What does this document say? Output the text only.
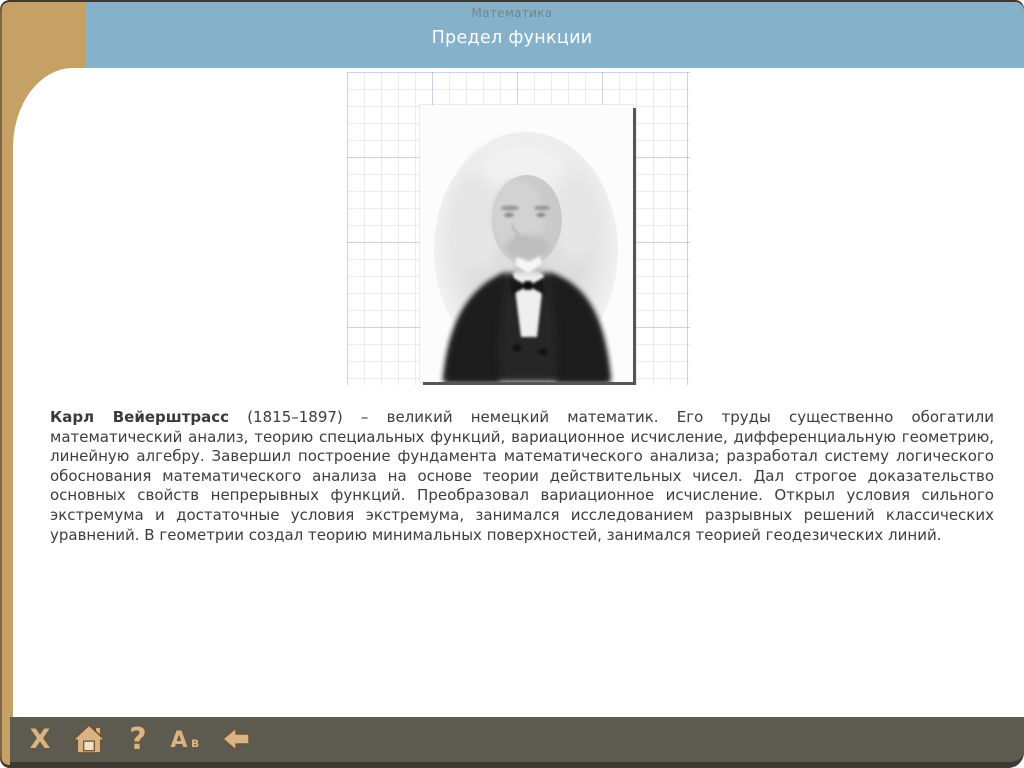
Математика
Предел функции

Карл Вейерштрасс (1815–1897) – великий немецкий математик. Его труды существенно обогатили математический анализ, теорию специальных функций, вариационное исчисление, дифференциальную геометрию, линейную алгебру. Завершил построение фундамента математического анализа; разработал систему логического обоснования математического анализа на основе теории действительных чисел. Дал строгое доказательство основных свойств непрерывных функций. Преобразовал вариационное исчисление. Открыл условия сильного экстремума и достаточные условия экстремума, занимался исследованием разрывных решений классических уравнений. В геометрии создал теорию минимальных поверхностей, занимался теорией геодезических линий.

X	? A в
